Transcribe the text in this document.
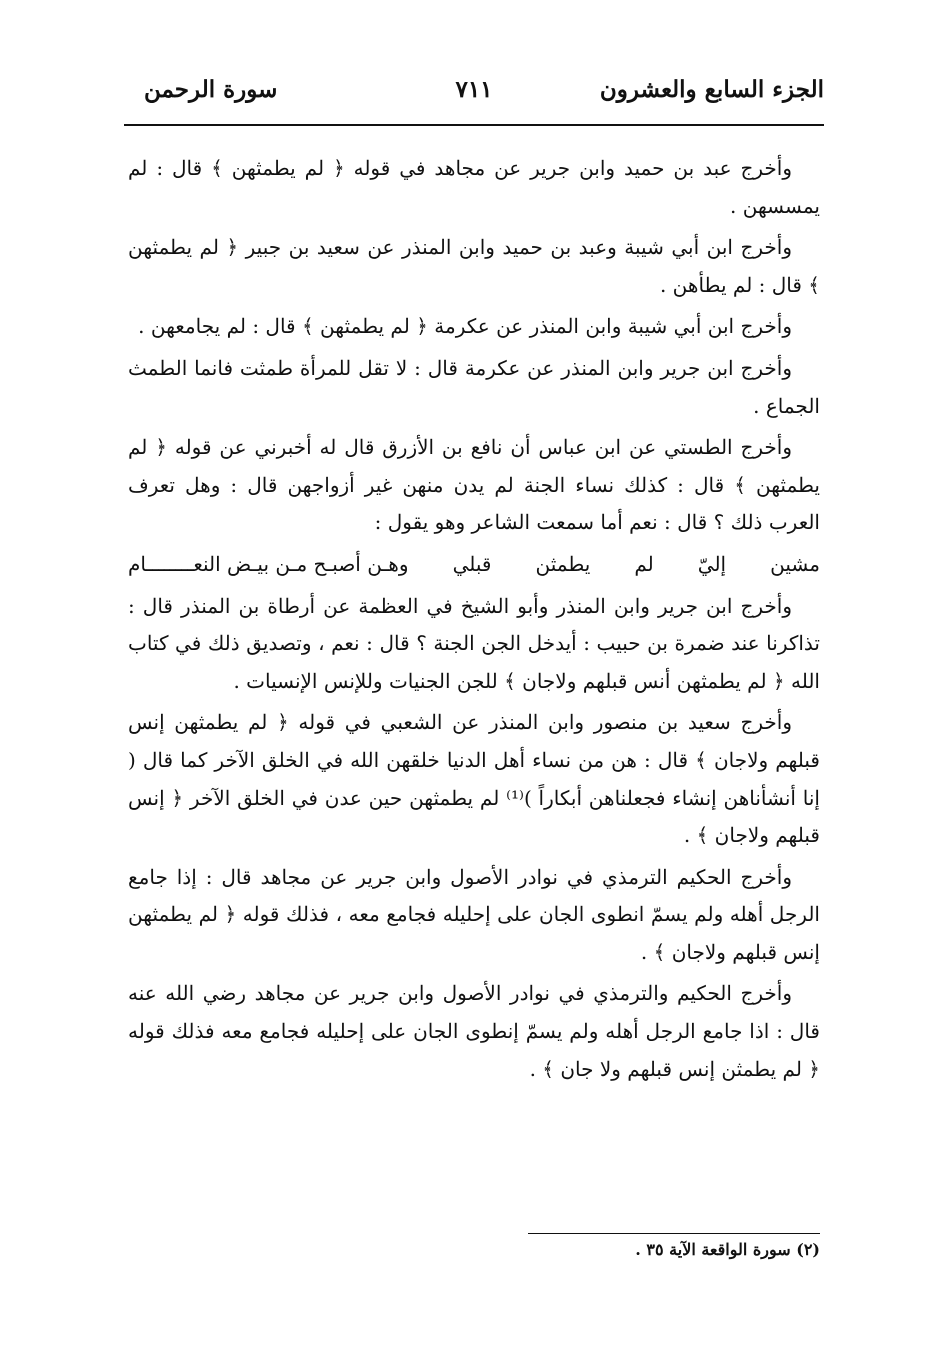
الجزء السابع والعشرون
٧١١
سورة الرحمن

وأخرج عبد بن حميد وابن جرير عن مجاهد في قوله ﴿ لم يطمثهن ﴾ قال : لم يمسسهن .

وأخرج ابن أبي شيبة وعبد بن حميد وابن المنذر عن سعيد بن جبير ﴿ لم يطمثهن ﴾ قال : لم يطأهن .

وأخرج ابن أبي شيبة وابن المنذر عن عكرمة ﴿ لم يطمثهن ﴾ قال : لم يجامعهن .

وأخرج ابن جرير وابن المنذر عن عكرمة قال : لا تقل للمرأة طمثت فانما الطمث الجماع .

وأخرج الطستي عن ابن عباس أن نافع بن الأزرق قال له أخبرني عن قوله ﴿ لم يطمثهن ﴾ قال : كذلك نساء الجنة لم يدن منهن غير أزواجهن قال : وهل تعرف العرب ذلك ؟ قال : نعم أما سمعت الشاعر وهو يقول :

مشين
إليّ
لم
يطمثن
قبلي
وهـن أصبـح مـن بيـض النعــــــــام

وأخرج ابن جرير وابن المنذر وأبو الشيخ في العظمة عن أرطاة بن المنذر قال : تذاكرنا عند ضمرة بن حبيب : أيدخل الجن الجنة ؟ قال : نعم ، وتصديق ذلك في كتاب الله ﴿ لم يطمثهن أنس قبلهم ولاجان ﴾ للجن الجنيات وللإنس الإنسيات .

وأخرج سعيد بن منصور وابن المنذر عن الشعبي في قوله ﴿ لم يطمثهن إنس قبلهم ولاجان ﴾ قال : هن من نساء أهل الدنيا خلقهن الله في الخلق الآخر كما قال ( إنا أنشأناهن إنشاء فجعلناهن أبكاراً )⁽¹⁾ لم يطمثهن حين عدن في الخلق الآخر ﴿ إنس قبلهم ولاجان ﴾ .

وأخرج الحكيم الترمذي في نوادر الأصول وابن جرير عن مجاهد قال : إذا جامع الرجل أهله ولم يسمّ انطوى الجان على إحليله فجامع معه ، فذلك قوله ﴿ لم يطمثهن إنس قبلهم ولاجان ﴾ .

وأخرج الحكيم والترمذي في نوادر الأصول وابن جرير عن مجاهد رضي الله عنه قال : اذا جامع الرجل أهله ولم يسمّ إنطوى الجان على إحليله فجامع معه فذلك قوله ﴿ لم يطمثن إنس قبلهم ولا جان ﴾ .

(٢) سورة الواقعة الآية ٣٥ .
